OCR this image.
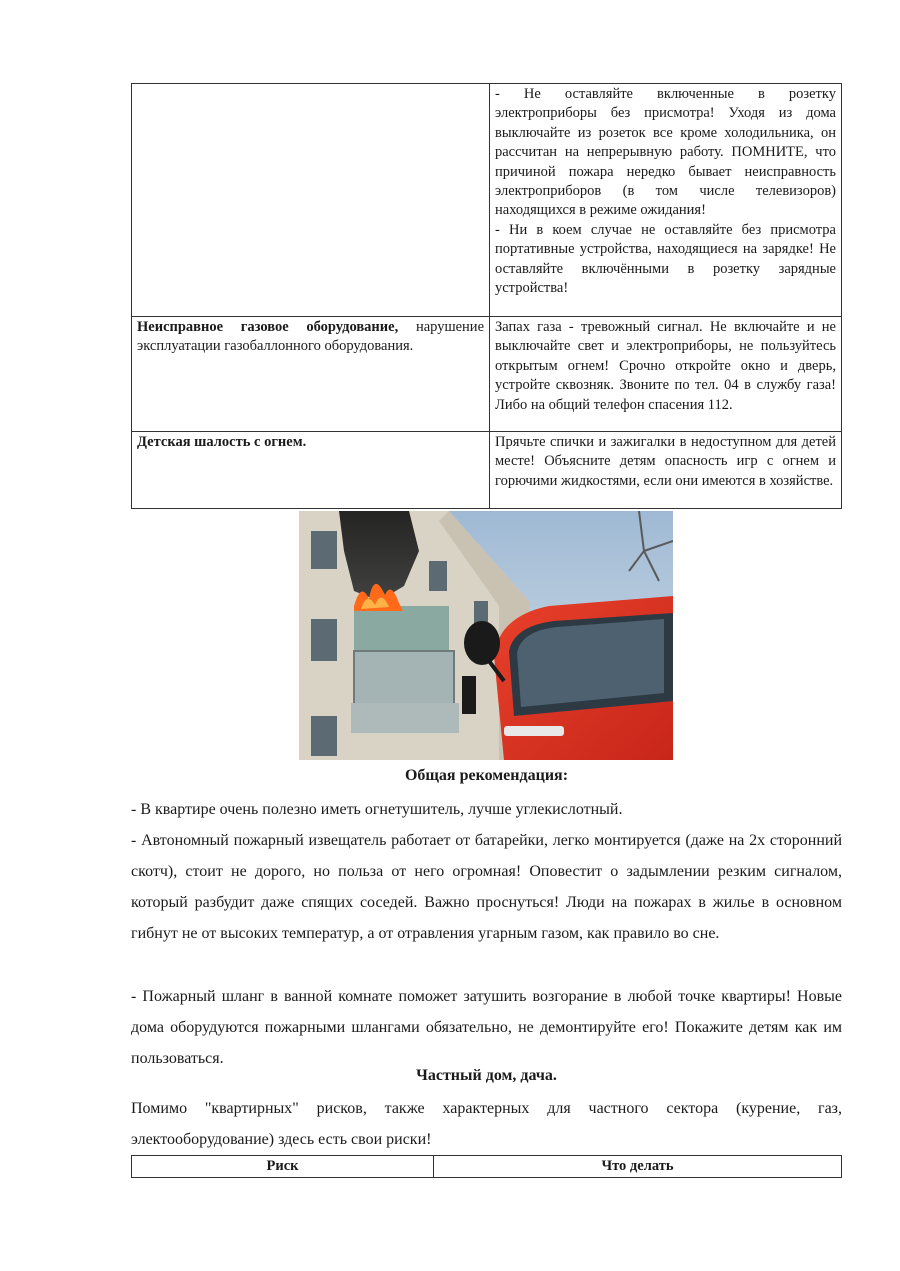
	- Не оставляйте включенные в розетку электроприборы без присмотра! Уходя из дома выключайте из розеток все кроме холодильника, он рассчитан на непрерывную работу. ПОМНИТЕ, что причиной пожара нередко бывает неисправность электроприборов (в том числе телевизоров) находящихся в режиме ожидания!
- Ни в коем случае не оставляйте без присмотра портативные устройства, находящиеся на зарядке! Не оставляйте включёнными в розетку зарядные устройства!

Неисправное газовое оборудование, нарушение эксплуатации газобаллонного оборудования.	Запах газа - тревожный сигнал. Не включайте и не выключайте свет и электроприборы, не пользуйтесь открытым огнем! Срочно откройте окно и дверь, устройте сквозняк. Звоните по тел. 04 в службу газа! Либо на общий телефон спасения 112.
Детская шалость с огнем.	Прячьте спички и зажигалки в недоступном для детей месте! Объясните детям опасность игр с огнем и горючими жидкостями, если они имеются в хозяйстве.
Общая рекомендация:

- В квартире очень полезно иметь огнетушитель, лучше углекислотный.

- Автономный пожарный извещатель работает от батарейки, легко монтируется (даже на 2х сторонний скотч), стоит не дорого, но польза от него огромная! Оповестит о задымлении резким сигналом, который разбудит даже спящих соседей. Важно проснуться! Люди на пожарах в жилье в основном гибнут не от высоких температур, а от отравления угарным газом, как правило во сне.

- Пожарный шланг в ванной комнате поможет затушить возгорание в любой точке квартиры! Новые дома оборудуются пожарными шлангами обязательно, не демонтируйте его! Покажите детям как им пользоваться.

Частный дом, дача.

Помимо "квартирных" рисков, также характерных для частного сектора (курение, газ, электооборудование) здесь есть свои риски!

Риск	Что делать
